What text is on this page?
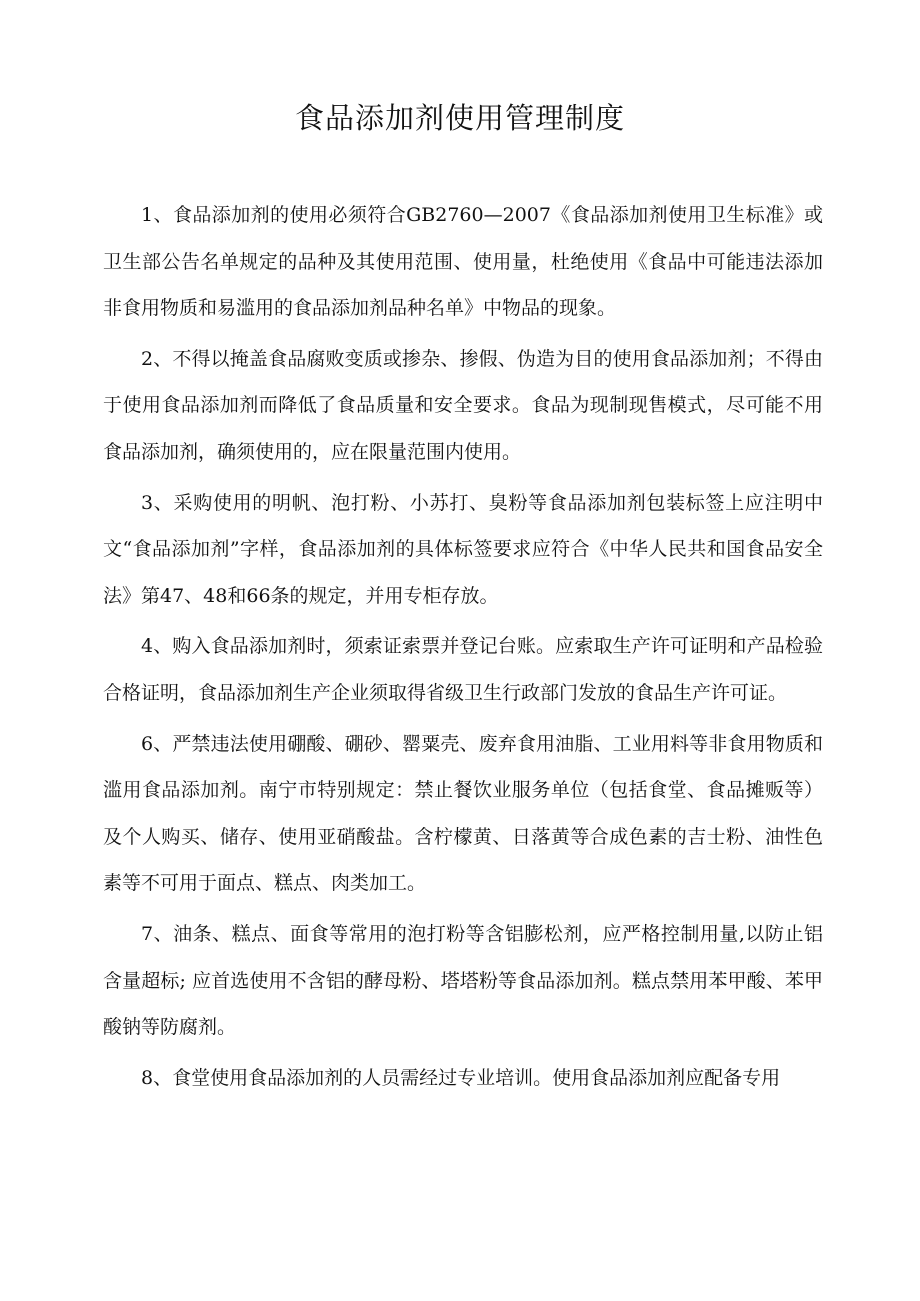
食品添加剂使用管理制度

1、食品添加剂的使用必须符合GB2760—2007《食品添加剂使用卫生标准》或卫生部公告名单规定的品种及其使用范围、使用量，杜绝使用《食品中可能违法添加非食用物质和易滥用的食品添加剂品种名单》中物品的现象。

2、不得以掩盖食品腐败变质或掺杂、掺假、伪造为目的使用食品添加剂；不得由于使用食品添加剂而降低了食品质量和安全要求。食品为现制现售模式，尽可能不用食品添加剂，确须使用的，应在限量范围内使用。

3、采购使用的明帆、泡打粉、小苏打、臭粉等食品添加剂包装标签上应注明中文“食品添加剂”字样，食品添加剂的具体标签要求应符合《中华人民共和国食品安全法》第47、48和66条的规定，并用专柜存放。

4、购入食品添加剂时，须索证索票并登记台账。应索取生产许可证明和产品检验合格证明，食品添加剂生产企业须取得省级卫生行政部门发放的食品生产许可证。

6、严禁违法使用硼酸、硼砂、罂粟壳、废弃食用油脂、工业用料等非食用物质和滥用食品添加剂。南宁市特别规定：禁止餐饮业服务单位（包括食堂、食品摊贩等）及个人购买、储存、使用亚硝酸盐。含柠檬黄、日落黄等合成色素的吉士粉、油性色素等不可用于面点、糕点、肉类加工。

7、油条、糕点、面食等常用的泡打粉等含铝膨松剂，应严格控制用量,以防止铝含量超标; 应首选使用不含铝的酵母粉、塔塔粉等食品添加剂。糕点禁用苯甲酸、苯甲酸钠等防腐剂。

8、食堂使用食品添加剂的人员需经过专业培训。使用食品添加剂应配备专用
